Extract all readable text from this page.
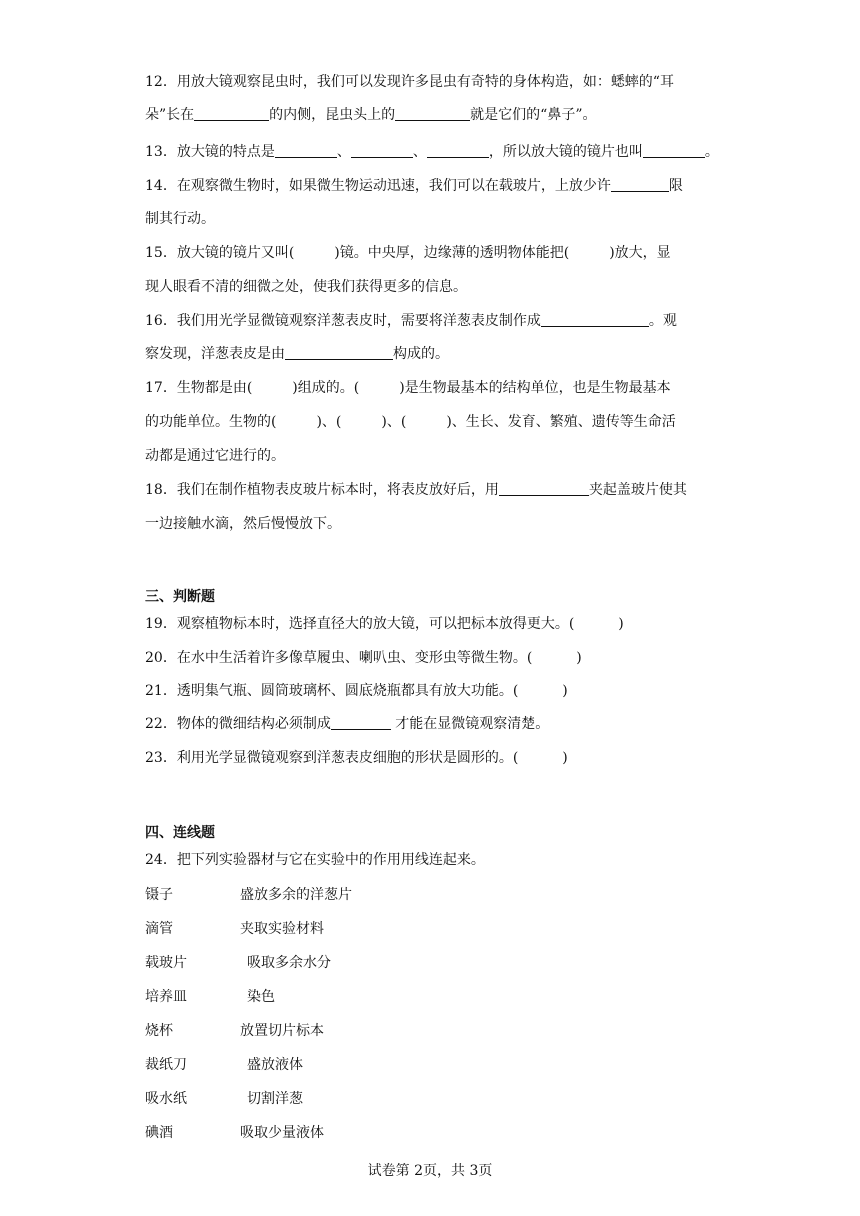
12．用放大镜观察昆虫时，我们可以发现许多昆虫有奇特的身体构造，如：蟋蟀的“耳
朵”长在	的内侧，昆虫头上的	就是它们的“鼻子”。
13．放大镜的特点是	、	、	，所以放大镜的镜片也叫	。
14．在观察微生物时，如果微生物运动迅速，我们可以在载玻片，上放少许	限
制其行动。
15．放大镜的镜片又叫(	)镜。中央厚，边缘薄的透明物体能把(	)放大，显
现人眼看不清的细微之处，使我们获得更多的信息。
16．我们用光学显微镜观察洋葱表皮时，需要将洋葱表皮制作成	。观
察发现，洋葱表皮是由	构成的。
17．生物都是由(	)组成的。(	)是生物最基本的结构单位，也是生物最基本
的功能单位。生物的(	)、(	)、(	)、生长、发育、繁殖、遗传等生命活
动都是通过它进行的。
18．我们在制作植物表皮玻片标本时，将表皮放好后，用	夹起盖玻片使其
一边接触水滴，然后慢慢放下。
三、判断题
19．观察植物标本时，选择直径大的放大镜，可以把标本放得更大。(	)
20．在水中生活着许多像草履虫、喇叭虫、变形虫等微生物。(	)
21．透明集气瓶、圆筒玻璃杯、圆底烧瓶都具有放大功能。(	)
22．物体的微细结构必须制成	才能在显微镜观察清楚。
23．利用光学显微镜观察到洋葱表皮细胞的形状是圆形的。(	)
四、连线题
24．把下列实验器材与它在实验中的作用用线连起来。
镊子	盛放多余的洋葱片
滴管	夹取实验材料
载玻片	吸取多余水分
培养皿	染色
烧杯	放置切片标本
裁纸刀	盛放液体
吸水纸	切割洋葱
碘酒	吸取少量液体
试卷第 2页，共 3页
